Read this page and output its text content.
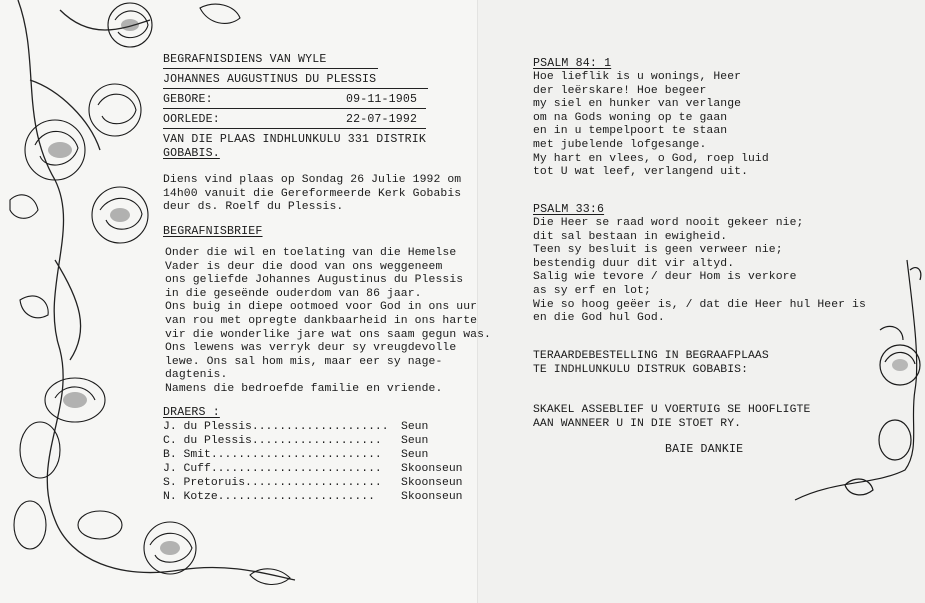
BEGRAFNISDIENS VAN WYLE
JOHANNES AUGUSTINUS DU PLESSIS
GEBORE:	09-11-1905
OORLEDE:	22-07-1992
VAN DIE PLAAS INDHLUNKULU 331 DISTRIK
GOBABIS.
Diens vind plaas op Sondag 26 Julie 1992 om
14h00 vanuit die Gereformeerde Kerk Gobabis
deur ds. Roelf du Plessis.
BEGRAFNISBRIEF
Onder die wil en toelating van die Hemelse
Vader is deur die dood van ons weggeneem
ons geliefde Johannes Augustinus du Plessis
in die geseënde ouderdom van 86 jaar.
Ons buig in diepe ootmoed voor God in ons uur
van rou met opregte dankbaarheid in ons harte
vir die wonderlike jare wat ons saam gegun was.
Ons lewens was verryk deur sy vreugdevolle
lewe. Ons sal hom mis, maar eer sy nage-
dagtenis.
Namens die bedroefde familie en vriende.
DRAERS :
J. du Plessis.................... Seun
C. du Plessis................... Seun
B. Smit......................... Seun
J. Cuff......................... Skoonseun
S. Pretoruis.................... Skoonseun
N. Kotze....................... Skoonseun
PSALM 84: 1
Hoe lieflik is u wonings, Heer
der leërskare! Hoe begeer
my siel en hunker van verlange
om na Gods woning op te gaan
en in u tempelpoort te staan
met jubelende lofgesange.
My hart en vlees, o God, roep luid
tot U wat leef, verlangend uit.
PSALM 33:6
Die Heer se raad word nooit gekeer nie;
dit sal bestaan in ewigheid.
Teen sy besluit is geen verweer nie;
bestendig duur dit vir altyd.
Salig wie tevore / deur Hom is verkore
as sy erf en lot;
Wie so hoog geëer is, / dat die Heer hul Heer is
en die God hul God.
TERAARDEBESTELLING IN BEGRAAFPLAAS
TE INDHLUNKULU DISTRUK GOBABIS:
SKAKEL ASSEBLIEF U VOERTUIG SE HOOFLIGTE
AAN WANNEER U IN DIE STOET RY.
BAIE DANKIE
